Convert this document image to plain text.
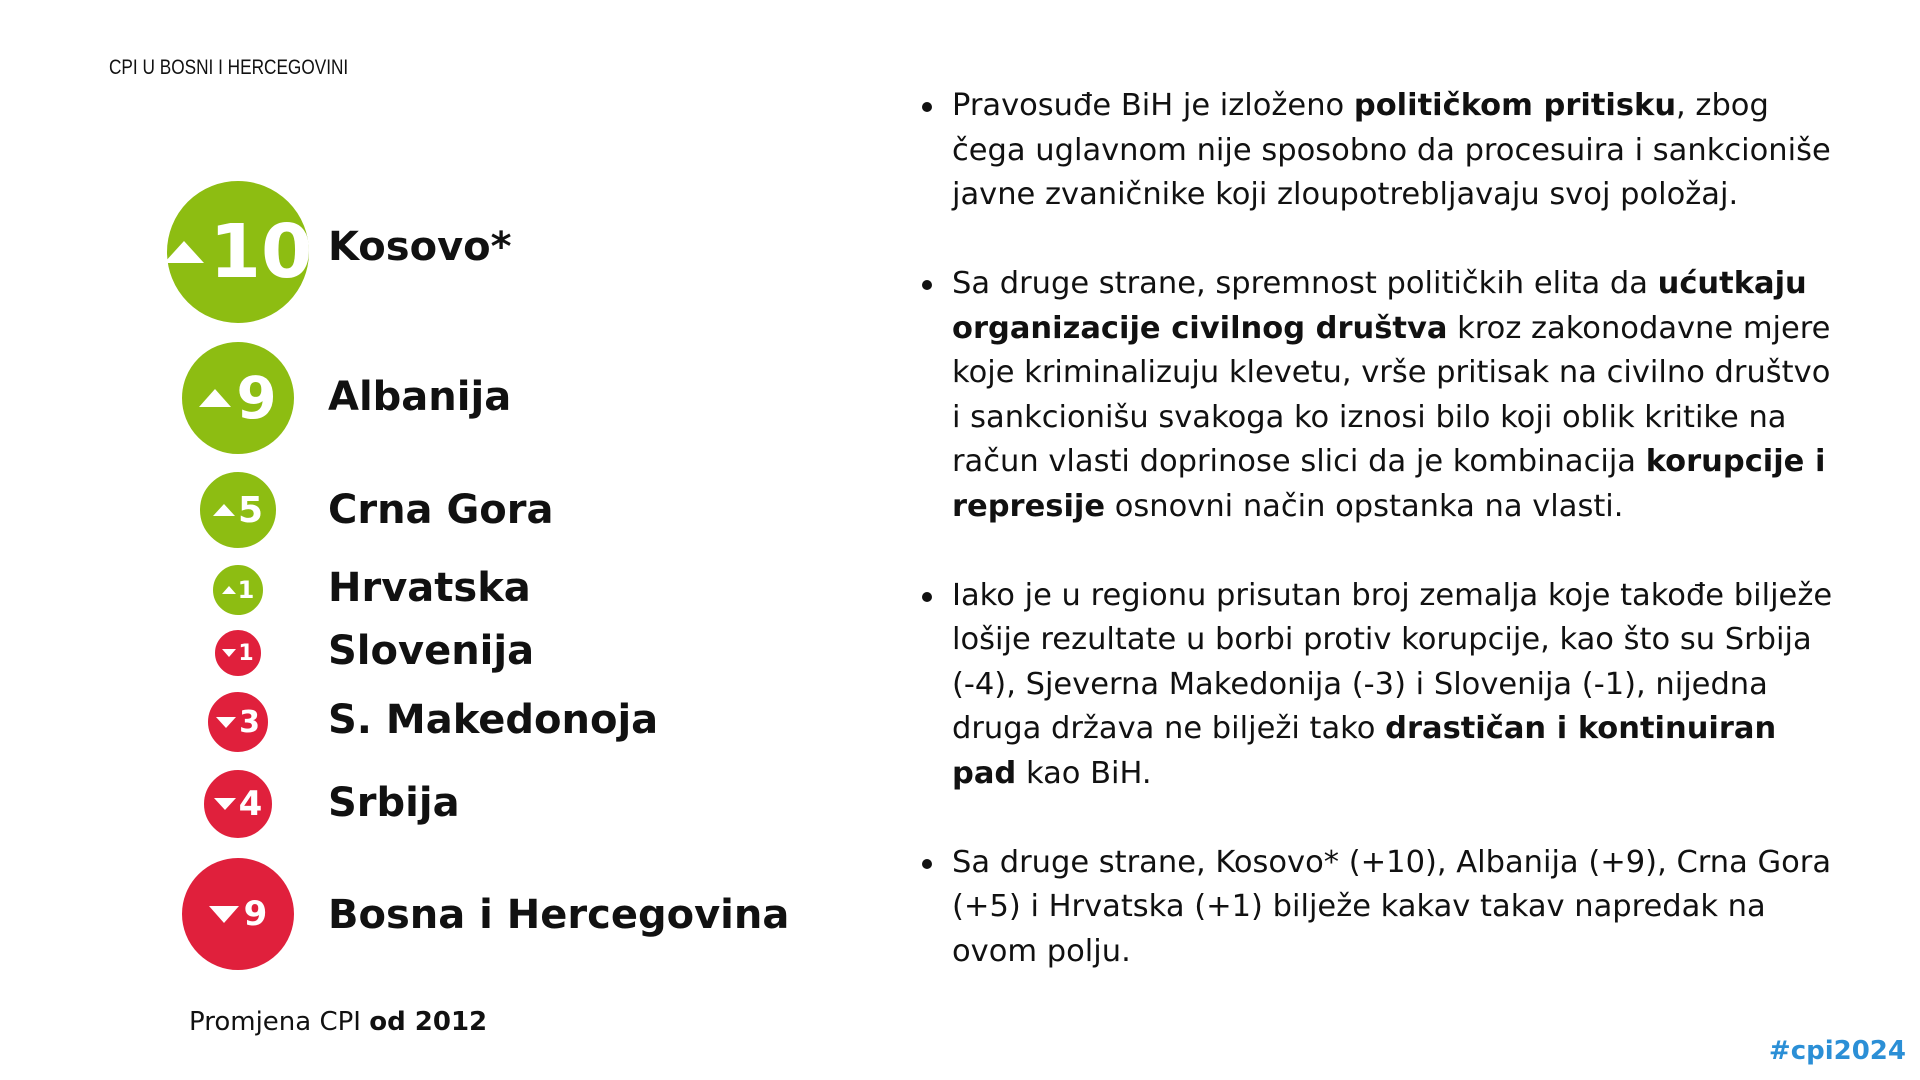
CPI U BOSNI I HERCEGOVINI
10 Kosovo*
9 Albanija
5 Crna Gora
1 Hrvatska
1 Slovenija
3 S. Makedonoja
4 Srbija
9 Bosna i Hercegovina
Promjena CPI od 2012
Pravosuđe BiH je izloženo političkom pritisku, zbog čega uglavnom nije sposobno da procesuira i sankcioniše javne zvaničnike koji zloupotrebljavaju svoj položaj.
Sa druge strane, spremnost političkih elita da ućutkaju organizacije civilnog društva kroz zakonodavne mjere koje kriminalizuju klevetu, vrše pritisak na civilno društvo i sankcionišu svakoga ko iznosi bilo koji oblik kritike na račun vlasti doprinose slici da je kombinacija korupcije i represije osnovni način opstanka na vlasti.
Iako je u regionu prisutan broj zemalja koje takođe bilježe lošije rezultate u borbi protiv korupcije, kao što su Srbija (-4), Sjeverna Makedonija (-3) i Slovenija (-1), nijedna druga država ne bilježi tako drastičan i kontinuiran pad kao BiH.
Sa druge strane, Kosovo* (+10), Albanija (+9), Crna Gora (+5) i Hrvatska (+1) bilježe kakav takav napredak na ovom polju.
#cpi2024
